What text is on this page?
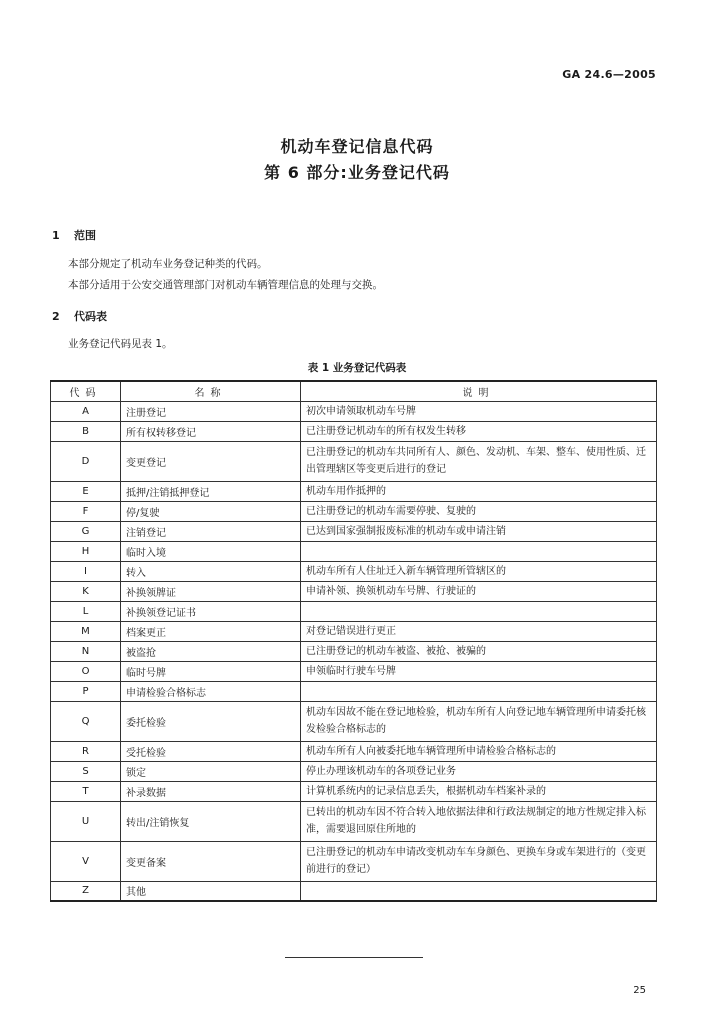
GA 24.6—2005
机动车登记信息代码
第 6 部分:业务登记代码
1 范围
本部分规定了机动车业务登记种类的代码。
本部分适用于公安交通管理部门对机动车辆管理信息的处理与交换。
2 代码表
业务登记代码见表 1。
表 1 业务登记代码表
代码	名称	说明
A	注册登记	初次申请领取机动车号牌
B	所有权转移登记	已注册登记机动车的所有权发生转移
D	变更登记	已注册登记的机动车共同所有人、颜色、发动机、车架、整车、使用性质、迁出管理辖区等变更后进行的登记
E	抵押/注销抵押登记	机动车用作抵押的
F	停/复驶	已注册登记的机动车需要停驶、复驶的
G	注销登记	已达到国家强制报废标准的机动车或申请注销
H	临时入境	
I	转入	机动车所有人住址迁入新车辆管理所管辖区的
K	补换领牌证	申请补领、换领机动车号牌、行驶证的
L	补换领登记证书	
M	档案更正	对登记错误进行更正
N	被盗抢	已注册登记的机动车被盗、被抢、被骗的
O	临时号牌	申领临时行驶车号牌
P	申请检验合格标志	
Q	委托检验	机动车因故不能在登记地检验，机动车所有人向登记地车辆管理所申请委托核发检验合格标志的
R	受托检验	机动车所有人向被委托地车辆管理所申请检验合格标志的
S	锁定	停止办理该机动车的各项登记业务
T	补录数据	计算机系统内的记录信息丢失，根据机动车档案补录的
U	转出/注销恢复	已转出的机动车因不符合转入地依据法律和行政法规制定的地方性规定排入标准，需要退回原住所地的
V	变更备案	已注册登记的机动车申请改变机动车车身颜色、更换车身或车架进行的（变更前进行的登记）
Z	其他	
25
